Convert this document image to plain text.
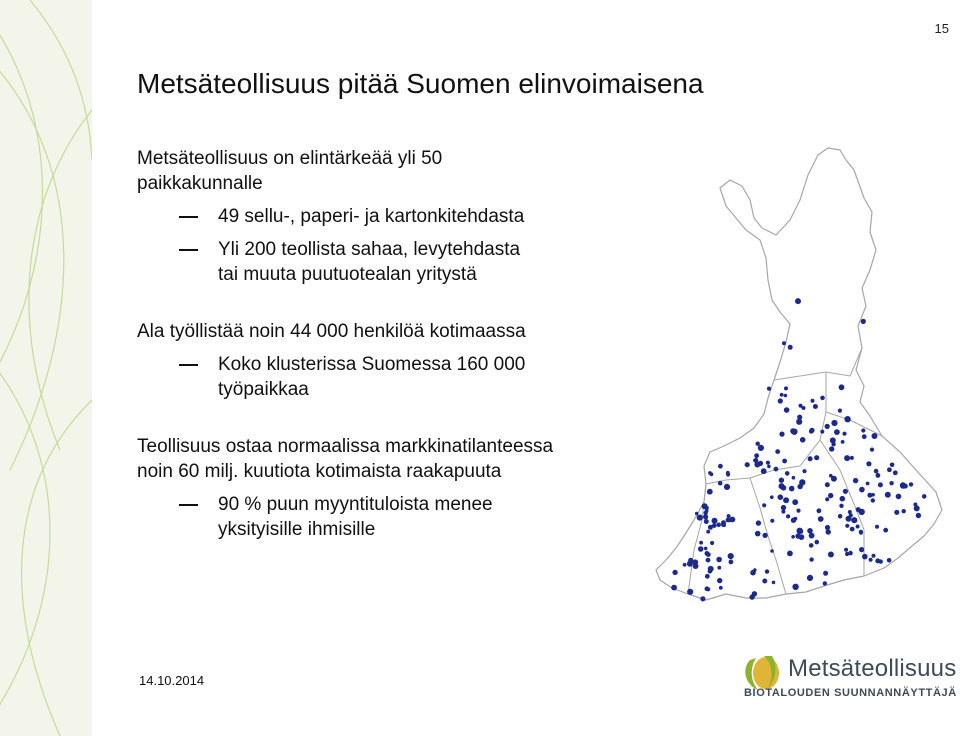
15
Metsäteollisuus pitää Suomen elinvoimaisena

Metsäteollisuus on elintärkeää yli 50

paikkakunnalle

49 sellu-, paperi- ja kartonkitehdasta
Yli 200 teollista sahaa, levytehdasta
tai muuta puutuotealan yritystä

Ala työllistää noin 44 000 henkilöä kotimaassa

Koko klusterissa Suomessa 160 000
työpaikkaa

Teollisuus ostaa normaalissa markkinatilanteessa

noin 60 milj. kuutiota kotimaista raakapuuta

90 % puun myyntituloista menee
yksityisille ihmisille
14.10.2014	Metsäteollisuus
BIOTALOUDEN SUUNNANNÄYTTÄJÄ
